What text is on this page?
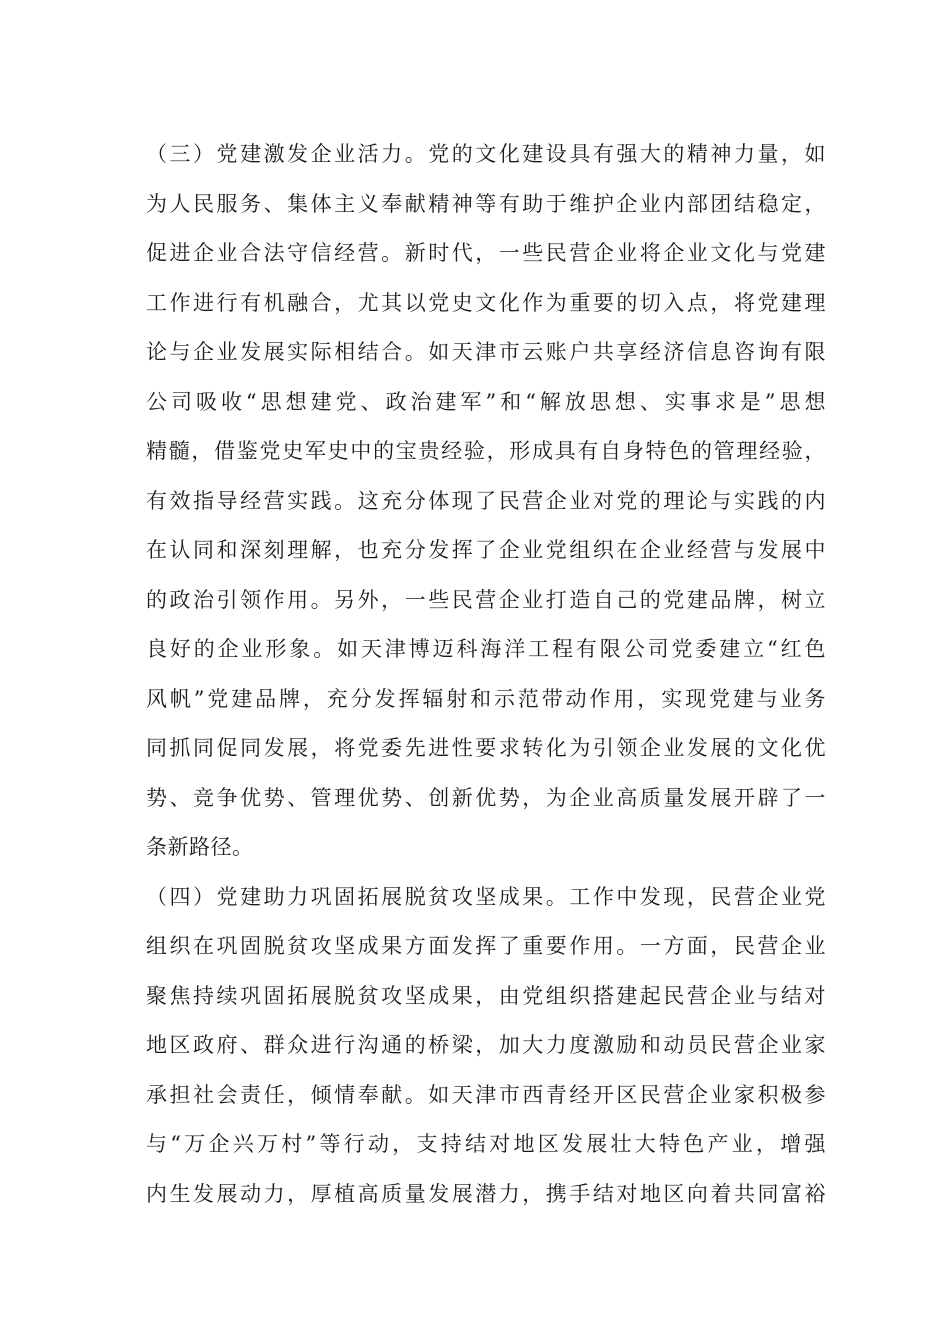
（三）党建激发企业活力。党的文化建设具有强大的精神力量，如
为人民服务、集体主义奉献精神等有助于维护企业内部团结稳定，
促进企业合法守信经营。新时代，一些民营企业将企业文化与党建
工作进行有机融合，尤其以党史文化作为重要的切入点，将党建理
论与企业发展实际相结合。如天津市云账户共享经济信息咨询有限
公司吸收“思想建党、政治建军”和“解放思想、实事求是”思想
精髓，借鉴党史军史中的宝贵经验，形成具有自身特色的管理经验，
有效指导经营实践。这充分体现了民营企业对党的理论与实践的内
在认同和深刻理解，也充分发挥了企业党组织在企业经营与发展中
的政治引领作用。另外，一些民营企业打造自己的党建品牌，树立
良好的企业形象。如天津博迈科海洋工程有限公司党委建立“红色
风帆”党建品牌，充分发挥辐射和示范带动作用，实现党建与业务
同抓同促同发展，将党委先进性要求转化为引领企业发展的文化优
势、竞争优势、管理优势、创新优势，为企业高质量发展开辟了一
条新路径。
（四）党建助力巩固拓展脱贫攻坚成果。工作中发现，民营企业党
组织在巩固脱贫攻坚成果方面发挥了重要作用。一方面，民营企业
聚焦持续巩固拓展脱贫攻坚成果，由党组织搭建起民营企业与结对
地区政府、群众进行沟通的桥梁，加大力度激励和动员民营企业家
承担社会责任，倾情奉献。如天津市西青经开区民营企业家积极参
与“万企兴万村”等行动，支持结对地区发展壮大特色产业，增强
内生发展动力，厚植高质量发展潜力，携手结对地区向着共同富裕
